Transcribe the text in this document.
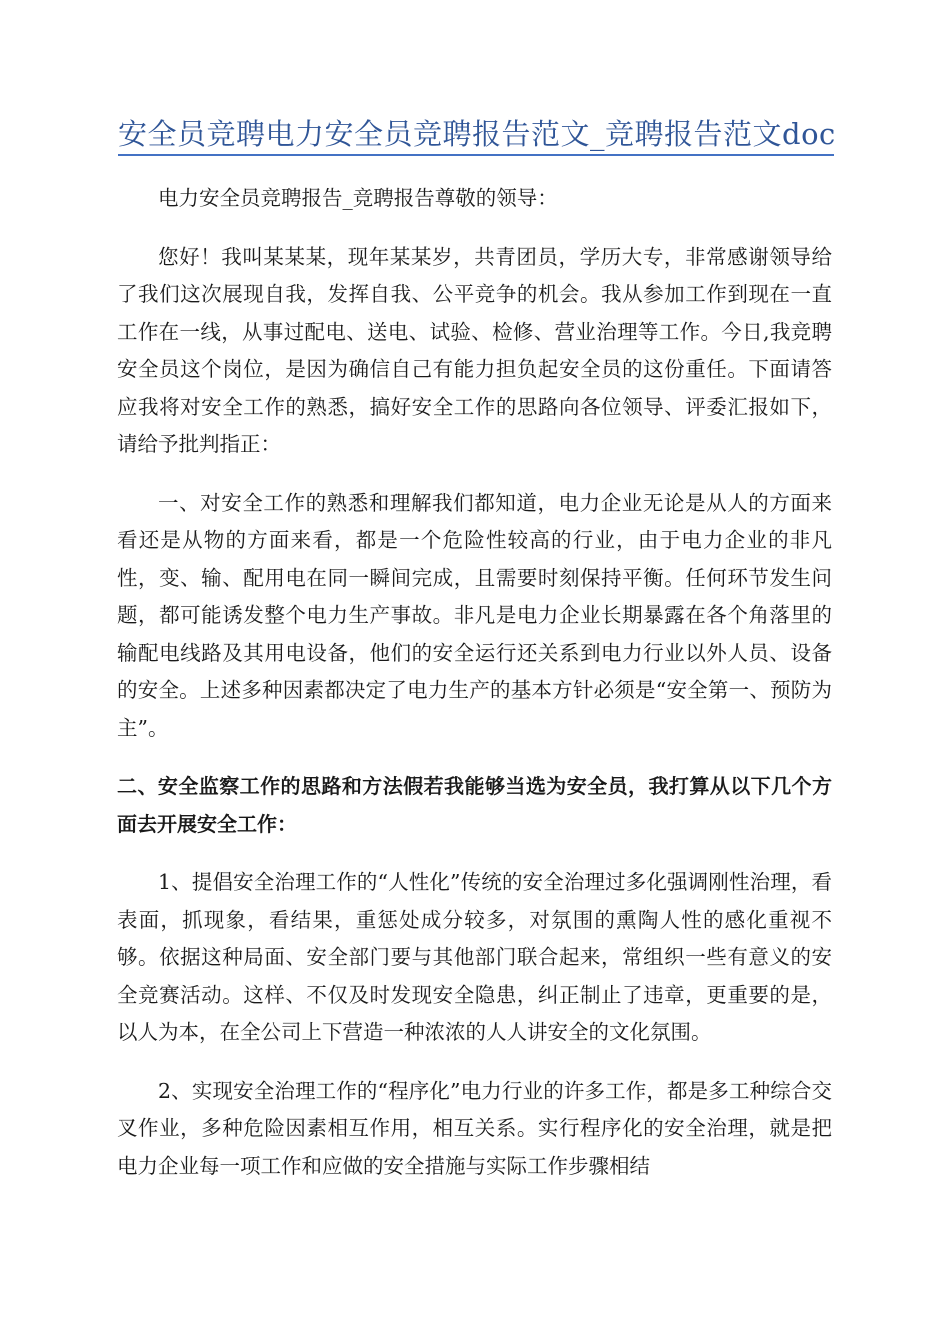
安全员竞聘电力安全员竞聘报告范文_竞聘报告范文doc

电力安全员竞聘报告_竞聘报告尊敬的领导：

您好！我叫某某某，现年某某岁，共青团员，学历大专，非常感谢领导给了我们这次展现自我，发挥自我、公平竞争的机会。我从参加工作到现在一直工作在一线，从事过配电、送电、试验、检修、营业治理等工作。今日,我竞聘安全员这个岗位，是因为确信自己有能力担负起安全员的这份重任。下面请答应我将对安全工作的熟悉，搞好安全工作的思路向各位领导、评委汇报如下，请给予批判指正：

一、对安全工作的熟悉和理解我们都知道，电力企业无论是从人的方面来看还是从物的方面来看，都是一个危险性较高的行业，由于电力企业的非凡性，变、输、配用电在同一瞬间完成，且需要时刻保持平衡。任何环节发生问题，都可能诱发整个电力生产事故。非凡是电力企业长期暴露在各个角落里的输配电线路及其用电设备，他们的安全运行还关系到电力行业以外人员、设备的安全。上述多种因素都决定了电力生产的基本方针必须是“安全第一、预防为主”。

二、安全监察工作的思路和方法假若我能够当选为安全员，我打算从以下几个方面去开展安全工作：

1、提倡安全治理工作的“人性化”传统的安全治理过多化强调刚性治理，看表面，抓现象，看结果，重惩处成分较多，对氛围的熏陶人性的感化重视不够。依据这种局面、安全部门要与其他部门联合起来，常组织一些有意义的安全竞赛活动。这样、不仅及时发现安全隐患，纠正制止了违章，更重要的是，以人为本，在全公司上下营造一种浓浓的人人讲安全的文化氛围。

2、实现安全治理工作的“程序化”电力行业的许多工作，都是多工种综合交叉作业，多种危险因素相互作用，相互关系。实行程序化的安全治理，就是把电力企业每一项工作和应做的安全措施与实际工作步骤相结
